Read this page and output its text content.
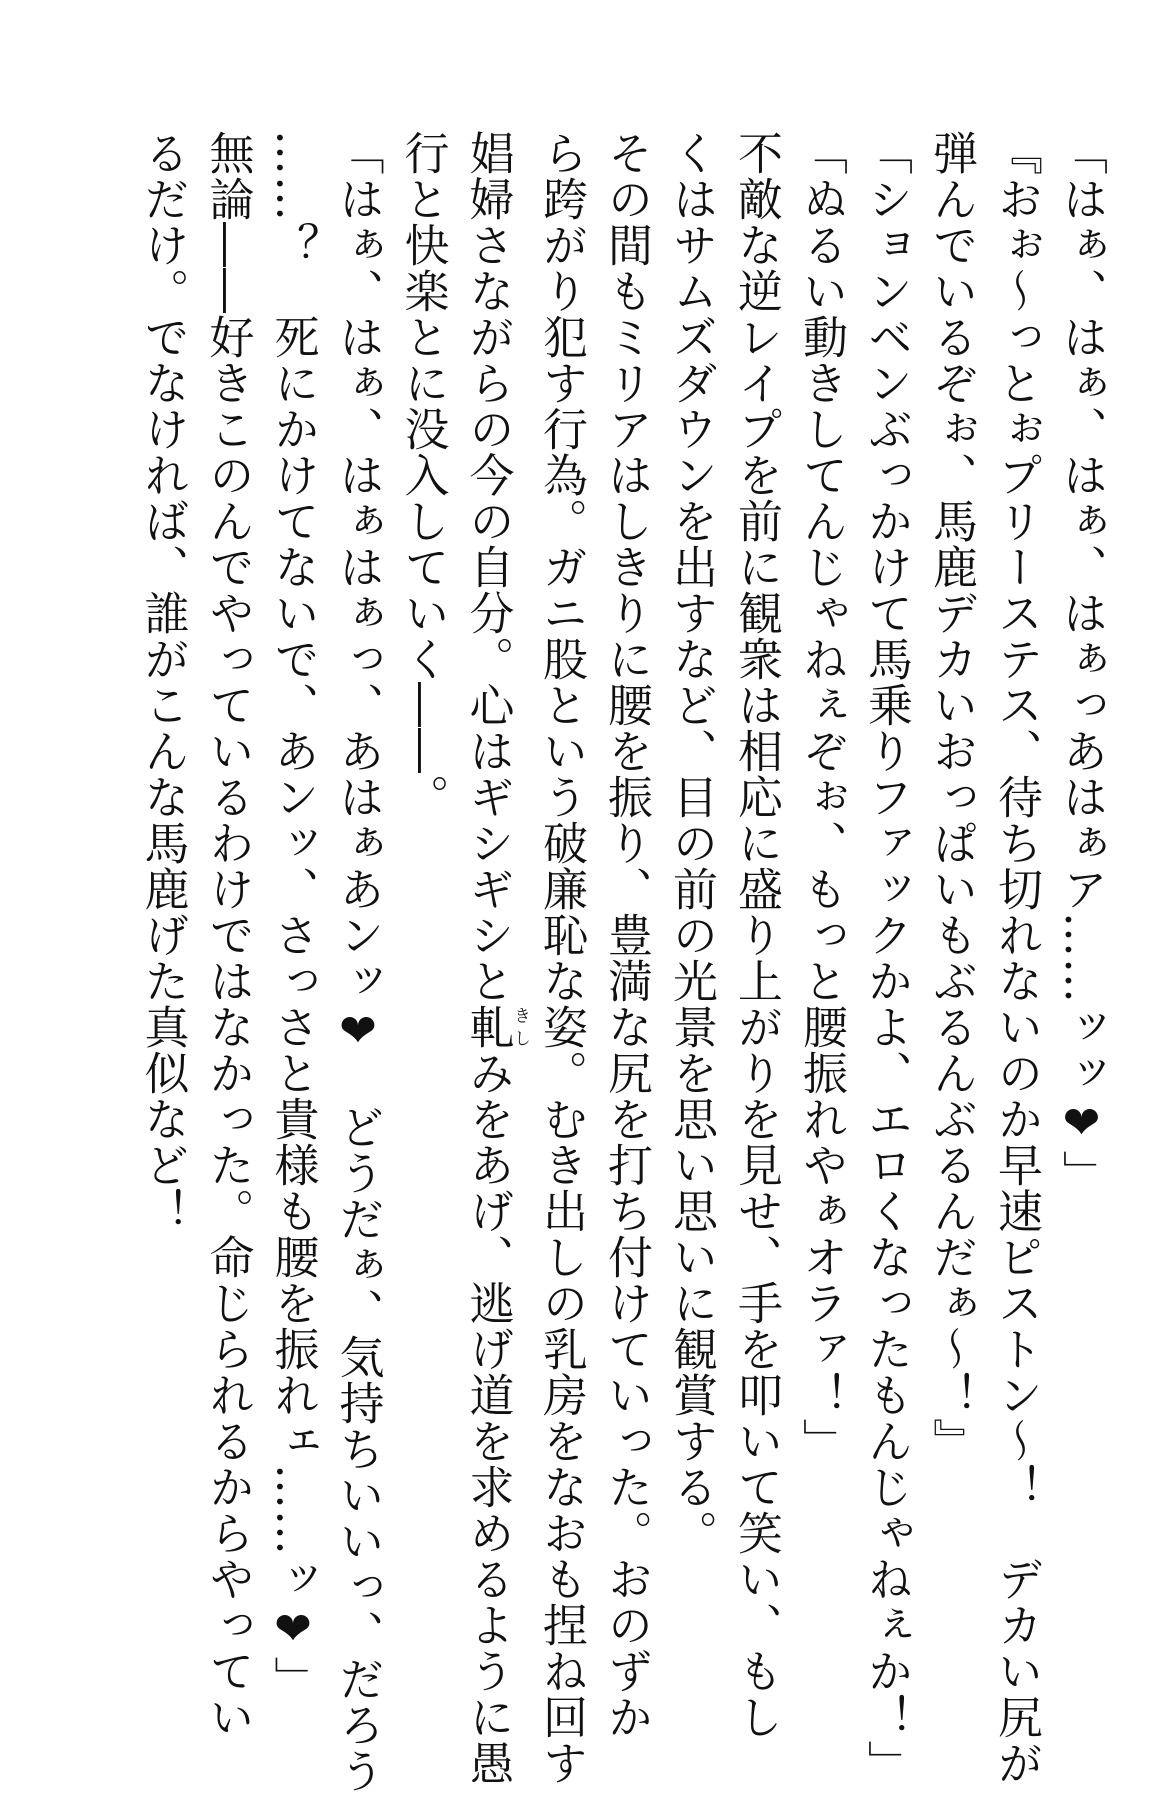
「はぁ、はぁ、はぁ、はぁっあはぁア……ッッ❤」
『おぉ～っとぉプリーステス、待ち切れないのか早速ピストン～！　デカい尻が
弾んでいるぞぉ、馬鹿デカいおっぱいもぶるんぶるんだぁ～！』
「ションベンぶっかけて馬乗りファックかよ、エロくなったもんじゃねぇか！」
「ぬるい動きしてんじゃねぇぞぉ、もっと腰振れやぁオラァ！」
不敵な逆レイプを前に観衆は相応に盛り上がりを見せ、手を叩いて笑い、もし
くはサムズダウンを出すなど、目の前の光景を思い思いに観賞する。
その間もミリアはしきりに腰を振り、豊満な尻を打ち付けていった。おのずか
ら跨がり犯す行為。ガニ股という破廉恥な姿。むき出しの乳房をなおも捏ね回す
娼婦さながらの今の自分。心はギシギシと軋きしみをあげ、逃げ道を求めるように愚
行と快楽とに没入していく――。
「はぁ、はぁ、はぁはぁっ、あはぁあンッ❤　どうだぁ、気持ちいいっ、だろう
……？　死にかけてないで、あンッ、さっさと貴様も腰を振れェ……ッ❤」
無論――好きこのんでやっているわけではなかった。命じられるからやってい
るだけ。でなければ、誰がこんな馬鹿げた真似など！
